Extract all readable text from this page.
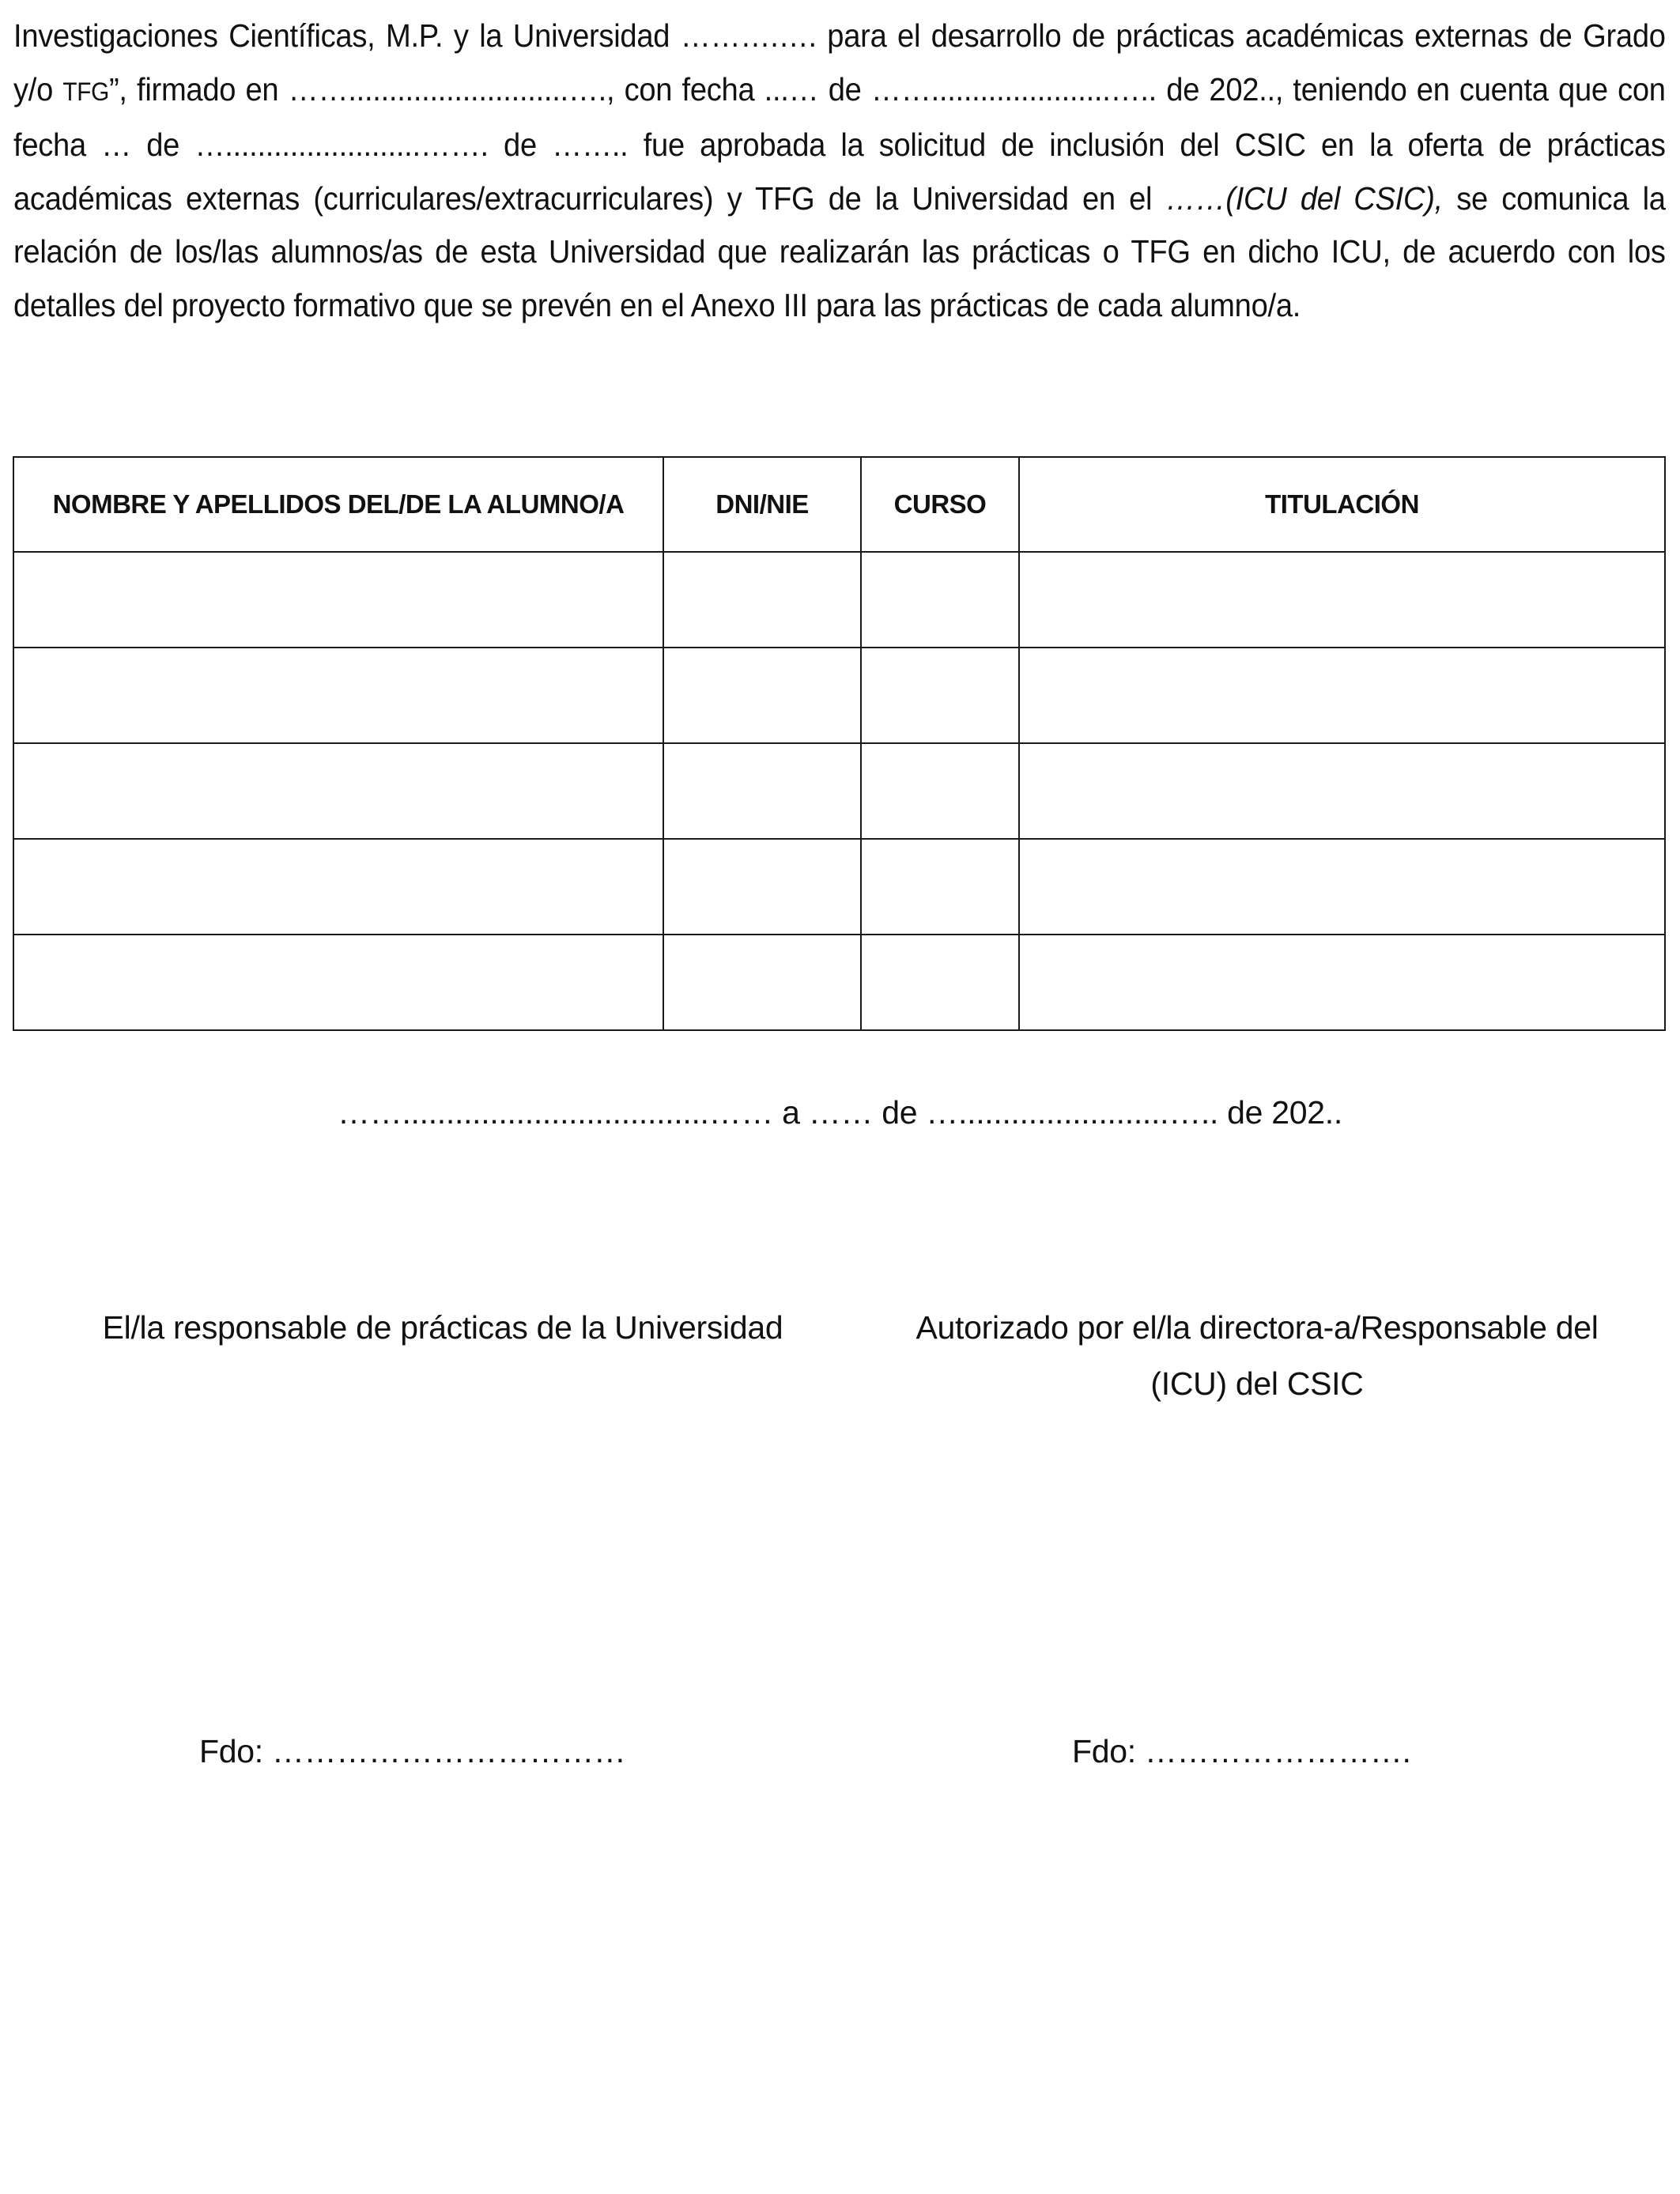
Investigaciones Científicas, M.P. y la Universidad ……….…. para el desarrollo de prácticas académicas externas de Grado y/o TFG”, firmado en ……...........................…., con fecha ...… de ……......................….. de 202.., teniendo en cuenta que con fecha … de …........................……. de …….. fue aprobada la solicitud de inclusión del CSIC en la oferta de prácticas académicas externas (curriculares/extracurriculares) y TFG de la Universidad en el ……(ICU del CSIC), se comunica la relación de los/las alumnos/as de esta Universidad que realizarán las prácticas o TFG en dicho ICU, de acuerdo con los detalles del proyecto formativo que se prevén en el Anexo III para las prácticas de cada alumno/a.
NOMBRE Y APELLIDOS DEL/DE LA ALUMNO/A	DNI/NIE	CURSO	TITULACIÓN

……...................................…… a …… de …........................….. de 202..
El/la responsable de prácticas de la Universidad	Autorizado por el/la directora-a/Responsable del (ICU) del CSIC
Fdo: ……………………………	Fdo: …………………….
